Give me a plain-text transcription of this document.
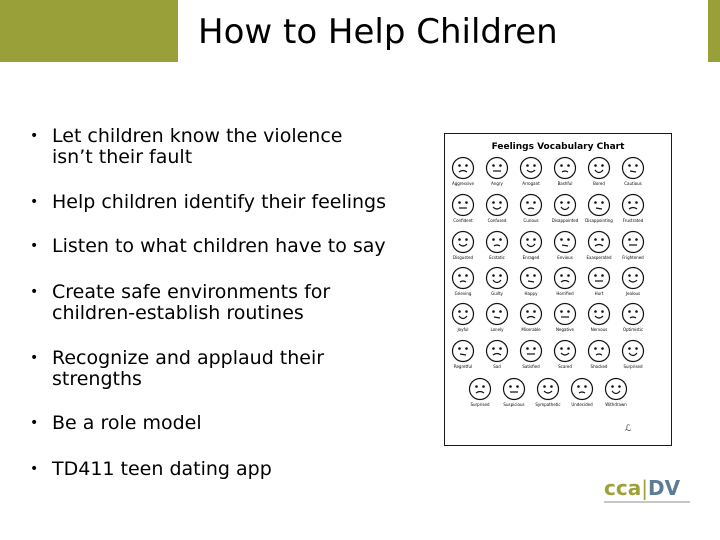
How to Help Children

• Let children know the violence
isn’t their fault

• Help children identify their feelings

• Listen to what children have to say

• Create safe environments for
children-establish routines

• Recognize and applaud their
strengths

• Be a role model

• TD411 teen dating app

Feelings Vocabulary Chart
Aggressive	Angry	Arrogant	Bashful	Bored	Cautious
Confident	Confused	Curious	Disappointed	Disappointing	Frustrated
Disgusted	Ecstatic	Enraged	Envious	Exasperated	Frightened
Grieving	Guilty	Happy	Horrified	Hurt	Jealous
Joyful	Lonely	Miserable	Negative	Nervous	Optimistic
Regretful	Sad	Satisfied	Scared	Shocked	Surprised
Surprised	Suspicious	Sympathetic	Undecided	Withdrawn
ℒ
cca|DV
